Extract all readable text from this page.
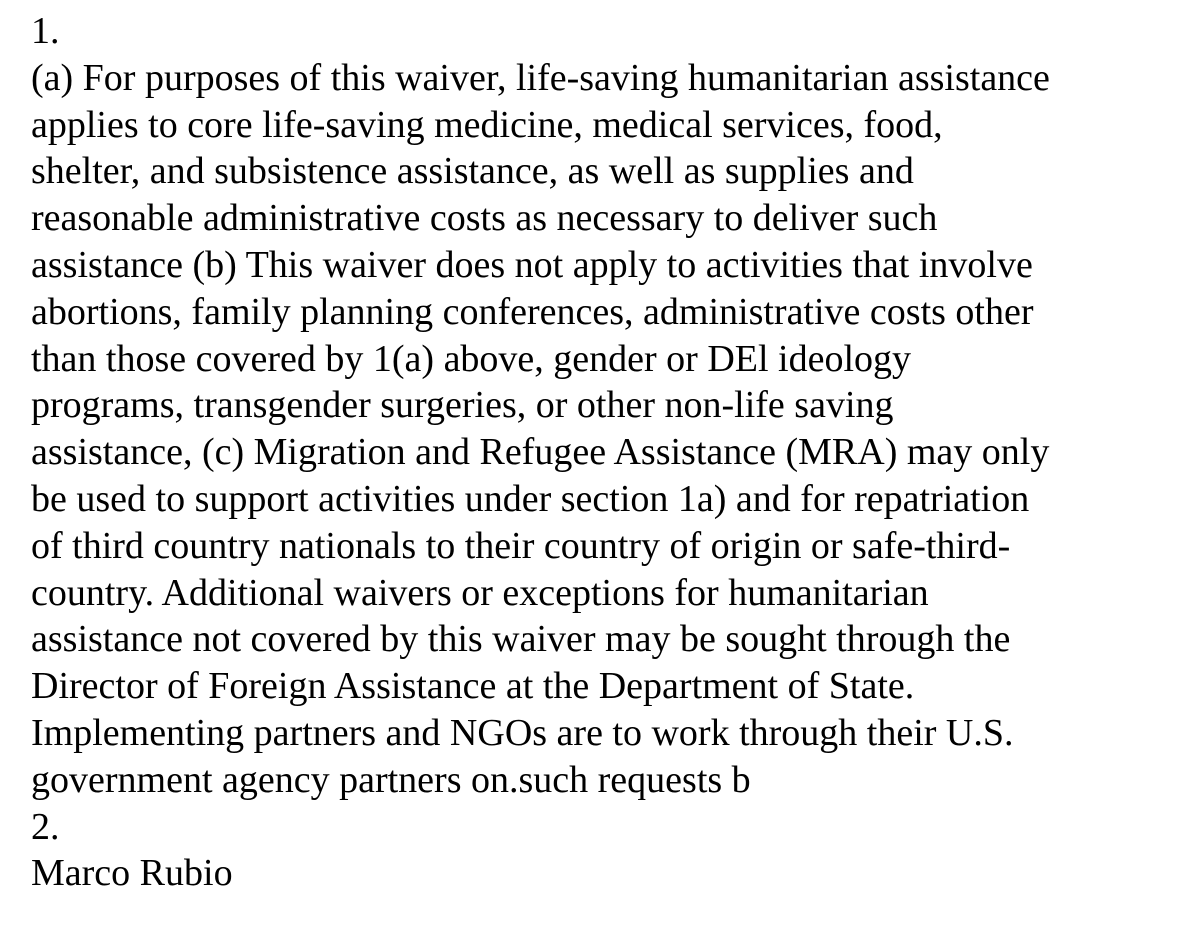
1.
(a) For purposes of this waiver, life-saving humanitarian assistance
applies to core life-saving medicine, medical services, food,
shelter, and subsistence assistance, as well as supplies and
reasonable administrative costs as necessary to deliver such
assistance (b) This waiver does not apply to activities that involve
abortions, family planning conferences, administrative costs other
than those covered by 1(a) above, gender or DEl ideology
programs, transgender surgeries, or other non-life saving
assistance, (c) Migration and Refugee Assistance (MRA) may only
be used to support activities under section 1a) and for repatriation
of third country nationals to their country of origin or safe-third-
country. Additional waivers or exceptions for humanitarian
assistance not covered by this waiver may be sought through the
Director of Foreign Assistance at the Department of State.
Implementing partners and NGOs are to work through their U.S.
government agency partners on.such requests b
2.
Marco Rubio
